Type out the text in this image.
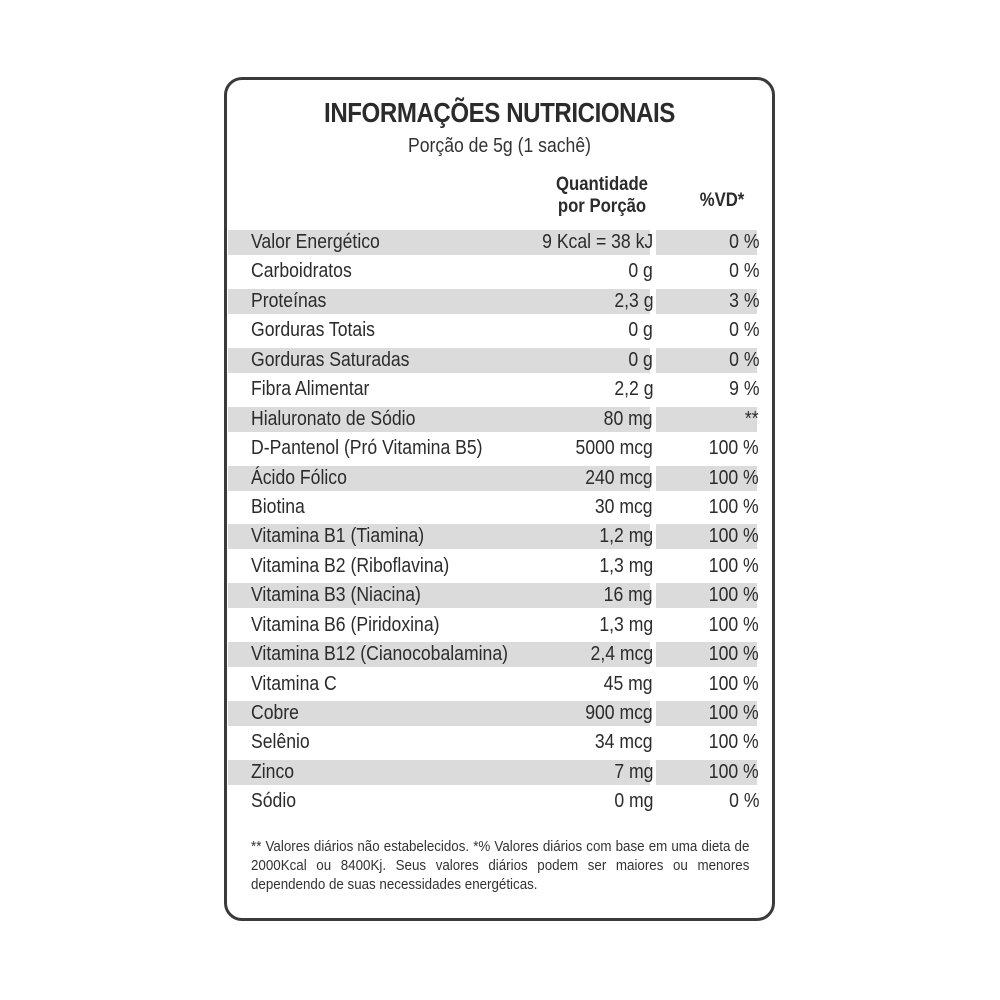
INFORMAÇÕES NUTRICIONAIS
Porção de 5g (1 sachê)
Quantidade
por Porção	%VD*
Valor Energético	9 Kcal = 38 kJ	0 %
Carboidratos	0 g	0 %
Proteínas	2,3 g	3 %
Gorduras Totais	0 g	0 %
Gorduras Saturadas	0 g	0 %
Fibra Alimentar	2,2 g	9 %
Hialuronato de Sódio	80 mg	**
D-Pantenol (Pró Vitamina B5)	5000 mcg	100 %
Ácido Fólico	240 mcg	100 %
Biotina	30 mcg	100 %
Vitamina B1 (Tiamina)	1,2 mg	100 %
Vitamina B2 (Riboflavina)	1,3 mg	100 %
Vitamina B3 (Niacina)	16 mg	100 %
Vitamina B6 (Piridoxina)	1,3 mg	100 %
Vitamina B12 (Cianocobalamina)	2,4 mcg	100 %
Vitamina C	45 mg	100 %
Cobre	900 mcg	100 %
Selênio	34 mcg	100 %
Zinco	7 mg	100 %
Sódio	0 mg	0 %
** Valores diários não estabelecidos. *% Valores diários com base em uma dieta de 2000Kcal ou 8400Kj. Seus valores diários podem ser maiores ou menores dependendo de suas necessidades energéticas.
